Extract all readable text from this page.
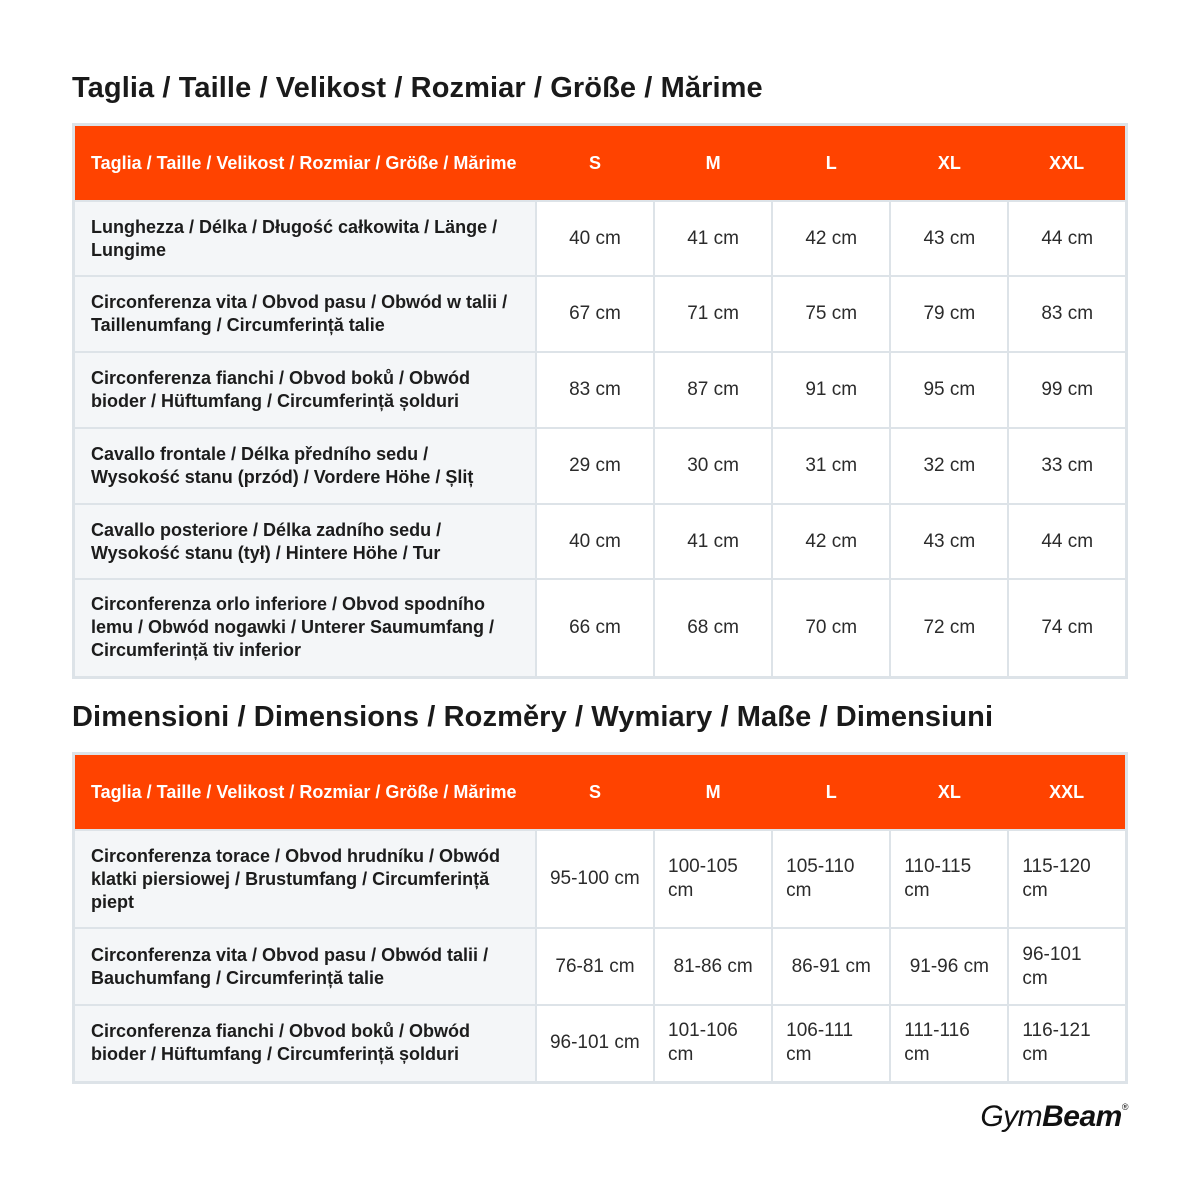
Taglia / Taille / Velikost / Rozmiar / Größe / Mărime
Taglia / Taille / Velikost / Rozmiar / Größe / Mărime	S	M	L	XL	XXL
Lunghezza / Délka / Długość całkowita / Länge / Lungime	40 cm	41 cm	42 cm	43 cm	44 cm
Circonferenza vita / Obvod pasu / Obwód w talii / Taillenumfang / Circumferință talie	67 cm	71 cm	75 cm	79 cm	83 cm
Circonferenza fianchi / Obvod boků / Obwód bioder / Hüftumfang / Circumferință șolduri	83 cm	87 cm	91 cm	95 cm	99 cm
Cavallo frontale / Délka předního sedu / Wysokość stanu (przód) / Vordere Höhe / Șliț	29 cm	30 cm	31 cm	32 cm	33 cm
Cavallo posteriore / Délka zadního sedu / Wysokość stanu (tył) / Hintere Höhe / Tur	40 cm	41 cm	42 cm	43 cm	44 cm
Circonferenza orlo inferiore / Obvod spodního lemu / Obwód nogawki / Unterer Saumumfang / Circumferință tiv inferior	66 cm	68 cm	70 cm	72 cm	74 cm
Dimensioni / Dimensions / Rozměry / Wymiary / Maße / Dimensiuni
Taglia / Taille / Velikost / Rozmiar / Größe / Mărime	S	M	L	XL	XXL
Circonferenza torace / Obvod hrudníku / Obwód klatki piersiowej / Brustumfang / Circumferință piept	95-100 cm	100-105 cm	105-110 cm	110-115 cm	115-120 cm
Circonferenza vita / Obvod pasu / Obwód talii / Bauchumfang / Circumferință talie	76-81 cm	81-86 cm	86-91 cm	91-96 cm	96-101 cm
Circonferenza fianchi / Obvod boků / Obwód bioder / Hüftumfang / Circumferință șolduri	96-101 cm	101-106 cm	106-111 cm	111-116 cm	116-121 cm
GymBeam®
